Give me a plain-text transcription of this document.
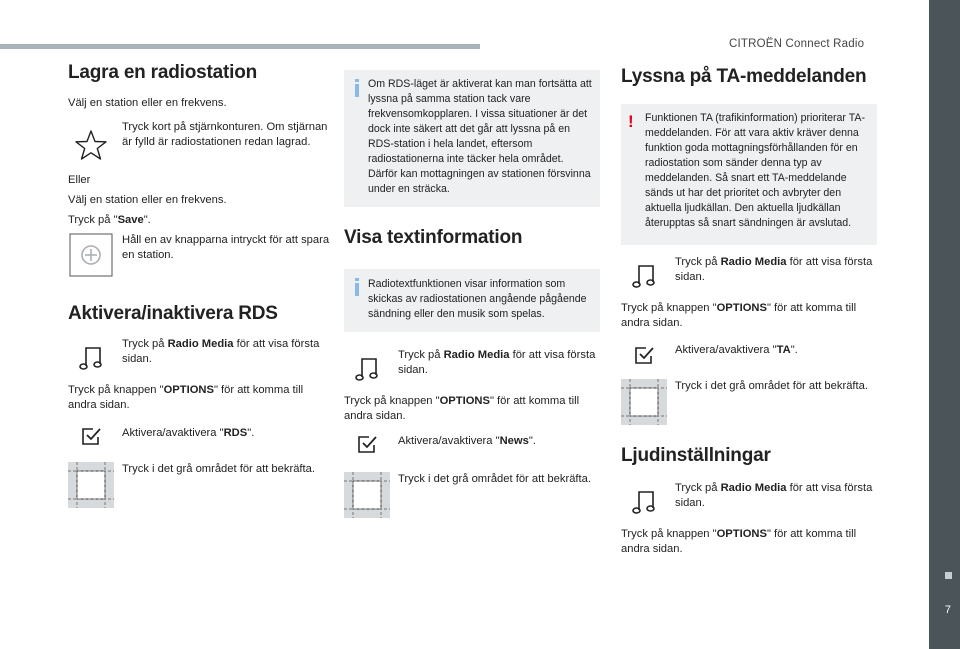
CITROËN Connect Radio
7
Lagra en radiostation

Välj en station eller en frekvens.

Tryck kort på stjärnkonturen. Om stjärnan är fylld är radiostationen redan lagrad.

Eller

Välj en station eller en frekvens.

Tryck på "Save".

Håll en av knapparna intryckt för att spara en station.
Aktivera/inaktivera RDS
Tryck på Radio Media för att visa första sidan.

Tryck på knappen "OPTIONS" för att komma till andra sidan.

Aktivera/avaktivera "RDS".
Tryck i det grå området för att bekräfta.
Om RDS-läget är aktiverat kan man fortsätta att lyssna på samma station tack vare frekvensomkopplaren. I vissa situationer är det dock inte säkert att det går att lyssna på en RDS-station i hela landet, eftersom radiostationerna inte täcker hela området. Därför kan mottagningen av stationen försvinna under en sträcka.
Visa textinformation
Radiotextfunktionen visar information som skickas av radiostationen angående pågående sändning eller den musik som spelas.
Tryck på Radio Media för att visa första sidan.

Tryck på knappen "OPTIONS" för att komma till andra sidan.

Aktivera/avaktivera "News".
Tryck i det grå området för att bekräfta.
Lyssna på TA-meddelanden
! Funktionen TA (trafikinformation) prioriterar TA-meddelanden. För att vara aktiv kräver denna funktion goda mottagningsförhållanden för en radiostation som sänder denna typ av meddelanden. Så snart ett TA-meddelande sänds ut har det prioritet och avbryter den aktuella ljudkällan. Den aktuella ljudkällan återupptas så snart sändningen är avslutad.
Tryck på Radio Media för att visa första sidan.

Tryck på knappen "OPTIONS" för att komma till andra sidan.

Aktivera/avaktivera "TA".
Tryck i det grå området för att bekräfta.
Ljudinställningar
Tryck på Radio Media för att visa första sidan.

Tryck på knappen "OPTIONS" för att komma till andra sidan.
